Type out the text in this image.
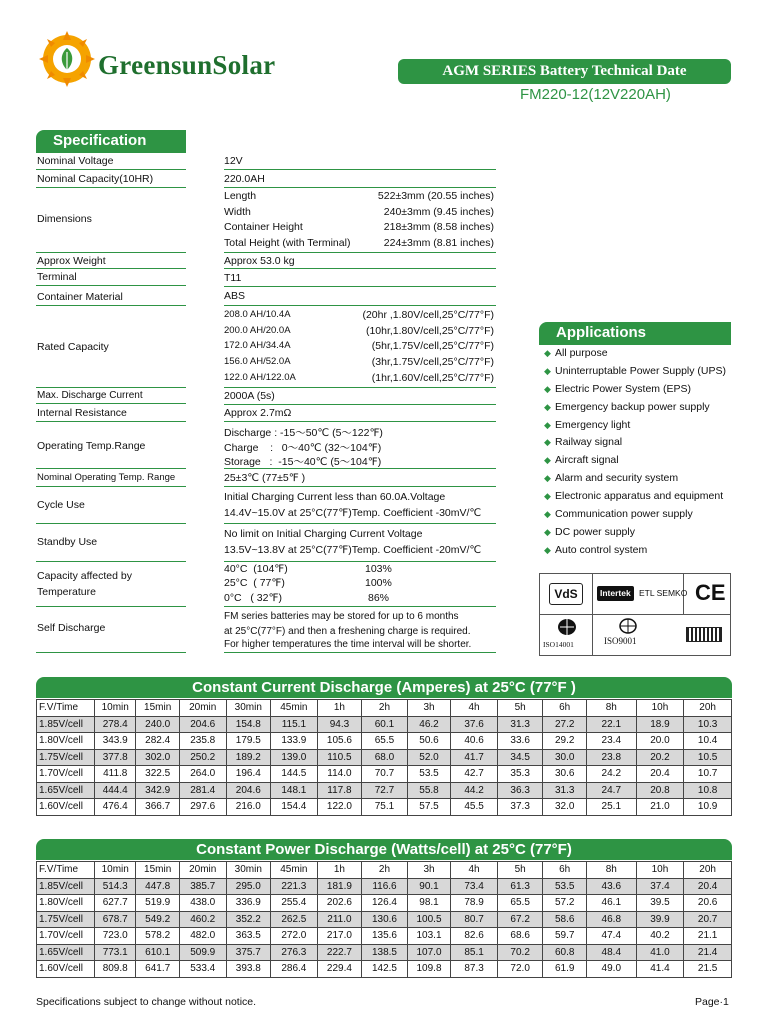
GreensunSolar	AGM SERIES Battery Technical Date
FM220-12(12V220AH)
Specification
Nominal Voltage	12V
Nominal Capacity(10HR)	220.0AH
Dimensions
Length	522±3mm (20.55 inches)
Width	240±3mm (9.45 inches)
Container Height	218±3mm (8.58 inches)
Total Height (with Terminal)	224±3mm (8.81 inches)
Approx Weight	Approx 53.0 kg
Terminal	T11
Container Material	ABS
Rated Capacity
208.0 AH/10.4A	(20hr ,1.80V/cell,25°C/77°F)
200.0 AH/20.0A	(10hr,1.80V/cell,25°C/77°F)
172.0 AH/34.4A	(5hr,1.75V/cell,25°C/77°F)
156.0 AH/52.0A	(3hr,1.75V/cell,25°C/77°F)
122.0 AH/122.0A	(1hr,1.60V/cell,25°C/77°F)
Max. Discharge Current	2000A (5s)
Internal Resistance	Approx 2.7mΩ
Operating Temp.Range
Discharge : -15～50℃ (5～122℉)
Charge    :   0～40℃ (32～104℉)
Storage   :  -15～40℃ (5～104℉)
Nominal Operating Temp. Range	25±3℃ (77±5℉ )
Cycle Use
Initial Charging Current less than 60.0A.Voltage
14.4V~15.0V at 25°C(77℉)Temp. Coefficient -30mV/℃
Standby Use
No limit on Initial Charging Current Voltage
13.5V~13.8V at 25°C(77℉)Temp. Coefficient -20mV/℃
Capacity affected by
Temperature
40°C  (104℉)	103%
25°C  ( 77℉)	100%
0°C   ( 32℉)	86%
Self Discharge
FM series batteries may be stored for up to 6 months
at 25°C(77°F) and then a freshening charge is required.
For higher temperatures the time interval will be shorter.
Applications
◆ All purpose
◆ Uninterruptable Power Supply (UPS)
◆ Electric Power System (EPS)
◆ Emergency backup power supply
◆ Emergency light
◆ Railway signal
◆ Aircraft signal
◆ Alarm and security system
◆ Electronic apparatus and equipment
◆ Communication power supply
◆ DC power supply
◆ Auto control system
VdS	Intertek ETL SEMKO CE
ISO14001	ISO9001
Constant Current Discharge (Amperes) at 25°C (77°F )
F.V/Time	10min	15min	20min	30min	45min	1h	2h	3h	4h	5h	6h	8h	10h	20h
1.85V/cell	278.4	240.0	204.6	154.8	115.1	94.3	60.1	46.2	37.6	31.3	27.2	22.1	18.9	10.3
1.80V/cell	343.9	282.4	235.8	179.5	133.9	105.6	65.5	50.6	40.6	33.6	29.2	23.4	20.0	10.4
1.75V/cell	377.8	302.0	250.2	189.2	139.0	110.5	68.0	52.0	41.7	34.5	30.0	23.8	20.2	10.5
1.70V/cell	411.8	322.5	264.0	196.4	144.5	114.0	70.7	53.5	42.7	35.3	30.6	24.2	20.4	10.7
1.65V/cell	444.4	342.9	281.4	204.6	148.1	117.8	72.7	55.8	44.2	36.3	31.3	24.7	20.8	10.8
1.60V/cell	476.4	366.7	297.6	216.0	154.4	122.0	75.1	57.5	45.5	37.3	32.0	25.1	21.0	10.9
Constant Power Discharge (Watts/cell) at 25°C (77°F)
F.V/Time	10min	15min	20min	30min	45min	1h	2h	3h	4h	5h	6h	8h	10h	20h
1.85V/cell	514.3	447.8	385.7	295.0	221.3	181.9	116.6	90.1	73.4	61.3	53.5	43.6	37.4	20.4
1.80V/cell	627.7	519.9	438.0	336.9	255.4	202.6	126.4	98.1	78.9	65.5	57.2	46.1	39.5	20.6
1.75V/cell	678.7	549.2	460.2	352.2	262.5	211.0	130.6	100.5	80.7	67.2	58.6	46.8	39.9	20.7
1.70V/cell	723.0	578.2	482.0	363.5	272.0	217.0	135.6	103.1	82.6	68.6	59.7	47.4	40.2	21.1
1.65V/cell	773.1	610.1	509.9	375.7	276.3	222.7	138.5	107.0	85.1	70.2	60.8	48.4	41.0	21.4
1.60V/cell	809.8	641.7	533.4	393.8	286.4	229.4	142.5	109.8	87.3	72.0	61.9	49.0	41.4	21.5
Specifications subject to change without notice.	Page·1
